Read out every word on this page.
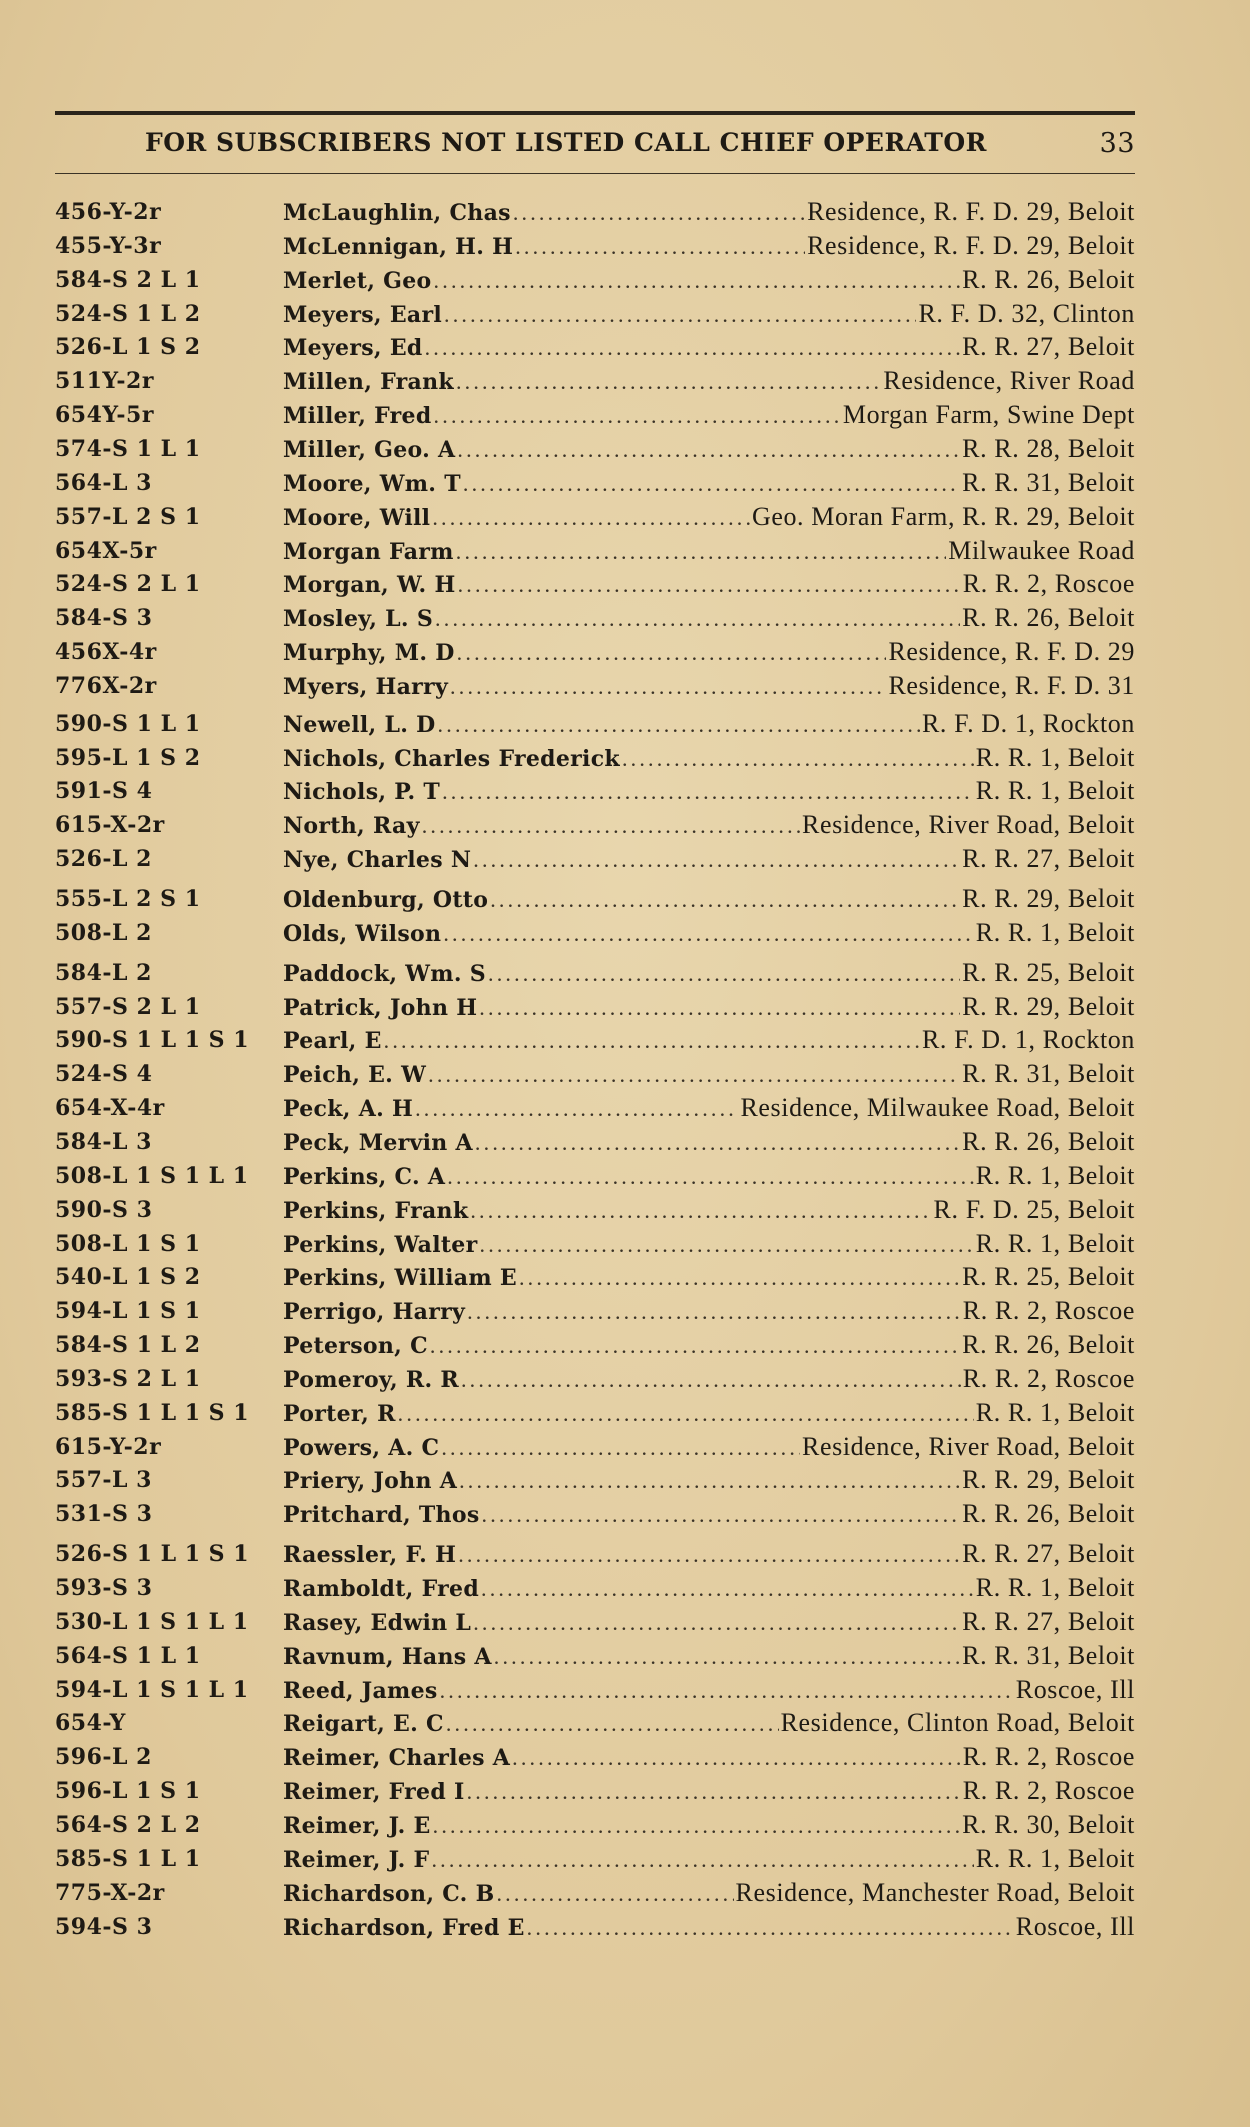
FOR SUBSCRIBERS NOT LISTED CALL CHIEF OPERATOR	33
456-Y-2r	McLaughlin, Chas .....	Residence, R. F. D. 29, Beloit
455-Y-3r	McLennigan, H. H .....	Residence, R. F. D. 29, Beloit
584-S 2 L 1	Merlet, Geo .....	R. R. 26, Beloit
524-S 1 L 2	Meyers, Earl .....	R. F. D. 32, Clinton
526-L 1 S 2	Meyers, Ed .....	R. R. 27, Beloit
511Y-2r	Millen, Frank .....	Residence, River Road
654Y-5r	Miller, Fred .....	Morgan Farm, Swine Dept
574-S 1 L 1	Miller, Geo. A .....	R. R. 28, Beloit
564-L 3	Moore, Wm. T .....	R. R. 31, Beloit
557-L 2 S 1	Moore, Will .....	Geo. Moran Farm, R. R. 29, Beloit
654X-5r	Morgan Farm .....	Milwaukee Road
524-S 2 L 1	Morgan, W. H .....	R. R. 2, Roscoe
584-S 3	Mosley, L. S .....	R. R. 26, Beloit
456X-4r	Murphy, M. D .....	Residence, R. F. D. 29
776X-2r	Myers, Harry .....	Residence, R. F. D. 31
590-S 1 L 1	Newell, L. D .....	R. F. D. 1, Rockton
595-L 1 S 2	Nichols, Charles Frederick .....	R. R. 1, Beloit
591-S 4	Nichols, P. T .....	R. R. 1, Beloit
615-X-2r	North, Ray .....	Residence, River Road, Beloit
526-L 2	Nye, Charles N .....	R. R. 27, Beloit
555-L 2 S 1	Oldenburg, Otto .....	R. R. 29, Beloit
508-L 2	Olds, Wilson .....	R. R. 1, Beloit
584-L 2	Paddock, Wm. S .....	R. R. 25, Beloit
557-S 2 L 1	Patrick, John H .....	R. R. 29, Beloit
590-S 1 L 1 S 1	Pearl, E .....	R. F. D. 1, Rockton
524-S 4	Peich, E. W .....	R. R. 31, Beloit
654-X-4r	Peck, A. H .....	Residence, Milwaukee Road, Beloit
584-L 3	Peck, Mervin A .....	R. R. 26, Beloit
508-L 1 S 1 L 1	Perkins, C. A .....	R. R. 1, Beloit
590-S 3	Perkins, Frank .....	R. F. D. 25, Beloit
508-L 1 S 1	Perkins, Walter .....	R. R. 1, Beloit
540-L 1 S 2	Perkins, William E .....	R. R. 25, Beloit
594-L 1 S 1	Perrigo, Harry .....	R. R. 2, Roscoe
584-S 1 L 2	Peterson, C .....	R. R. 26, Beloit
593-S 2 L 1	Pomeroy, R. R .....	R. R. 2, Roscoe
585-S 1 L 1 S 1	Porter, R .....	R. R. 1, Beloit
615-Y-2r	Powers, A. C .....	Residence, River Road, Beloit
557-L 3	Priery, John A .....	R. R. 29, Beloit
531-S 3	Pritchard, Thos .....	R. R. 26, Beloit
526-S 1 L 1 S 1	Raessler, F. H .....	R. R. 27, Beloit
593-S 3	Ramboldt, Fred .....	R. R. 1, Beloit
530-L 1 S 1 L 1	Rasey, Edwin L .....	R. R. 27, Beloit
564-S 1 L 1	Ravnum, Hans A .....	R. R. 31, Beloit
594-L 1 S 1 L 1	Reed, James .....	Roscoe, Ill
654-Y	Reigart, E. C .....	Residence, Clinton Road, Beloit
596-L 2	Reimer, Charles A .....	R. R. 2, Roscoe
596-L 1 S 1	Reimer, Fred I .....	R. R. 2, Roscoe
564-S 2 L 2	Reimer, J. E .....	R. R. 30, Beloit
585-S 1 L 1	Reimer, J. F .....	R. R. 1, Beloit
775-X-2r	Richardson, C. B .....	Residence, Manchester Road, Beloit
594-S 3	Richardson, Fred E .....	Roscoe, Ill
